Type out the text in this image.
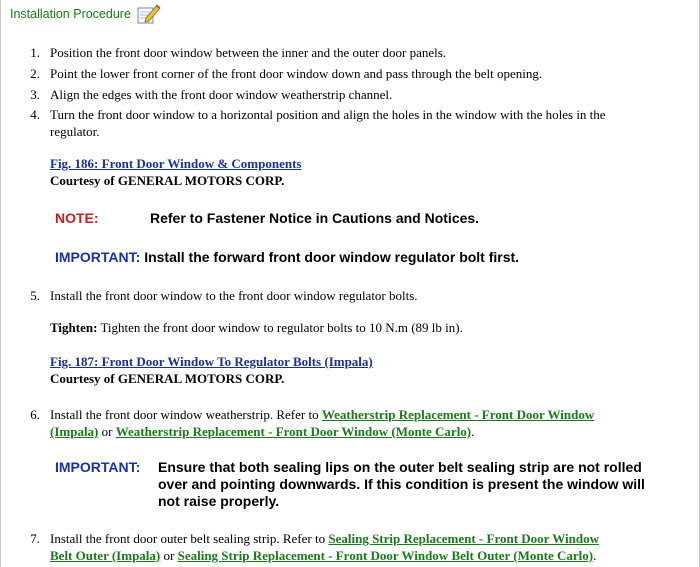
Installation Procedure
1. Position the front door window between the inner and the outer door panels.
2. Point the lower front corner of the front door window down and pass through the belt opening.
3. Align the edges with the front door window weatherstrip channel.
4. Turn the front door window to a horizontal position and align the holes in the window with the holes in the
regulator.
Fig. 186: Front Door Window & Components
Courtesy of GENERAL MOTORS CORP.
NOTE:	Refer to Fastener Notice in Cautions and Notices.
IMPORTANT: Install the forward front door window regulator bolt first.
5. Install the front door window to the front door window regulator bolts.
Tighten: Tighten the front door window to regulator bolts to 10 N.m (89 lb in).
Fig. 187: Front Door Window To Regulator Bolts (Impala)
Courtesy of GENERAL MOTORS CORP.
6. Install the front door window weatherstrip. Refer to Weatherstrip Replacement - Front Door Window
(Impala) or Weatherstrip Replacement - Front Door Window (Monte Carlo).
IMPORTANT: Ensure that both sealing lips on the outer belt sealing strip are not rolled
over and pointing downwards. If this condition is present the window will
not raise properly.
7. Install the front door outer belt sealing strip. Refer to Sealing Strip Replacement - Front Door Window
Belt Outer (Impala) or Sealing Strip Replacement - Front Door Window Belt Outer (Monte Carlo).
